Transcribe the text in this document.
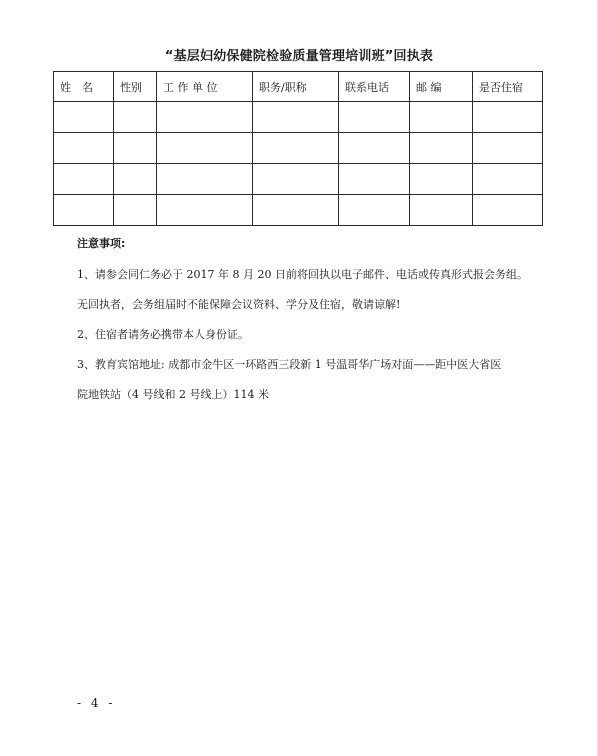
“基层妇幼保健院检验质量管理培训班”回执表
姓　名	性别	工 作 单 位	职务/职称	联系电话	邮 编	是否住宿

注意事项:

1、请参会同仁务必于 2017 年 8 月 20 日前将回执以电子邮件、电话或传真形式报会务组。

无回执者，会务组届时不能保障会议资料、学分及住宿，敬请谅解!

2、住宿者请务必携带本人身份证。

3、教育宾馆地址: 成都市金牛区一环路西三段新 1 号温哥华广场对面——距中医大省医

院地铁站（4 号线和 2 号线上）114 米

- 4 -
